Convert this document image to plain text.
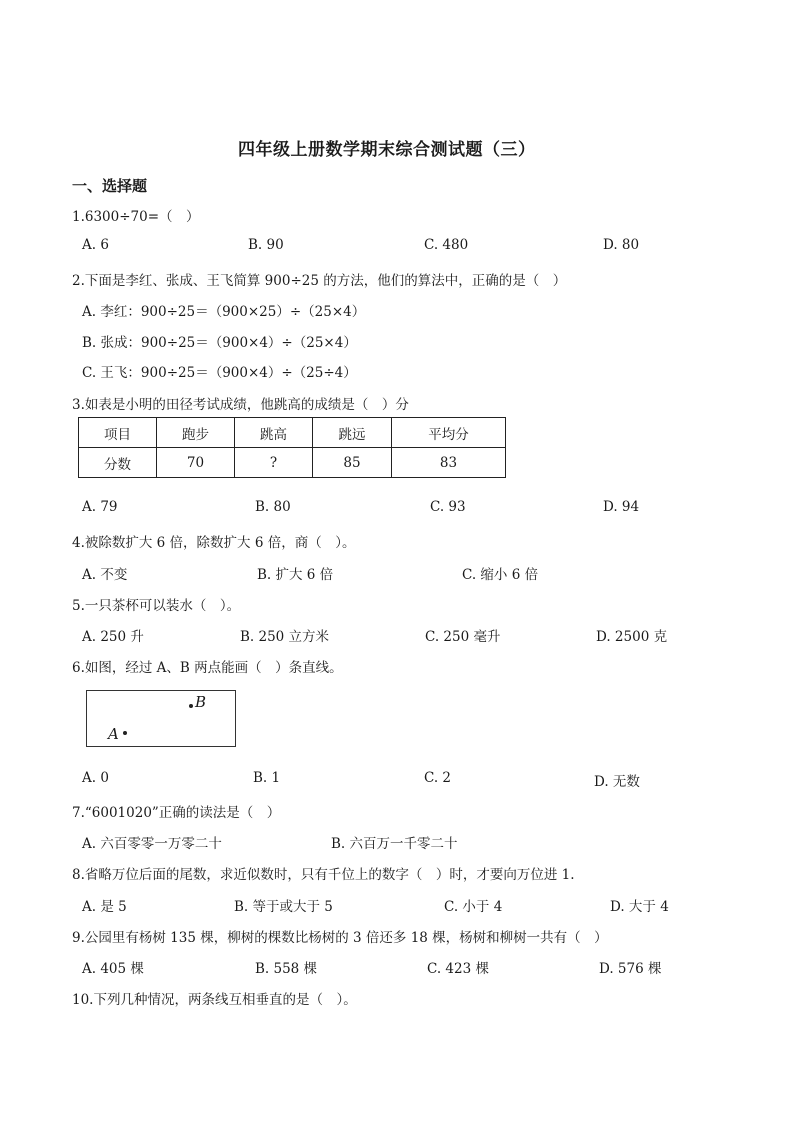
四年级上册数学期末综合测试题（三）
一、选择题
1.6300÷70=（　）
A. 6	B. 90	C. 480	D. 80
2.下面是李红、张成、王飞简算 900÷25 的方法，他们的算法中，正确的是（　）
A. 李红：900÷25＝（900×25）÷（25×4）
B. 张成：900÷25＝（900×4）÷（25×4）
C. 王飞：900÷25＝（900×4）÷（25÷4）
3.如表是小明的田径考试成绩，他跳高的成绩是（　）分
项目	跑步	跳高	跳远	平均分
分数	70	?	85	83
A. 79	B. 80	C. 93	D. 94
4.被除数扩大 6 倍，除数扩大 6 倍，商（　）。
A. 不变	B. 扩大 6 倍	C. 缩小 6 倍
5.一只茶杯可以装水（　）。
A. 250 升	B. 250 立方米	C. 250 毫升	D. 2500 克
6.如图，经过 A、B 两点能画（　）条直线。
B
A
A. 0	B. 1	C. 2	D. 无数
7.“6001020”正确的读法是（　）
A. 六百零零一万零二十	B. 六百万一千零二十
8.省略万位后面的尾数，求近似数时，只有千位上的数字（　）时，才要向万位进 1.
A. 是 5	B. 等于或大于 5	C. 小于 4	D. 大于 4
9.公园里有杨树 135 棵，柳树的棵数比杨树的 3 倍还多 18 棵，杨树和柳树一共有（　）
A. 405 棵	B. 558 棵	C. 423 棵	D. 576 棵
10.下列几种情况，两条线互相垂直的是（　）。
